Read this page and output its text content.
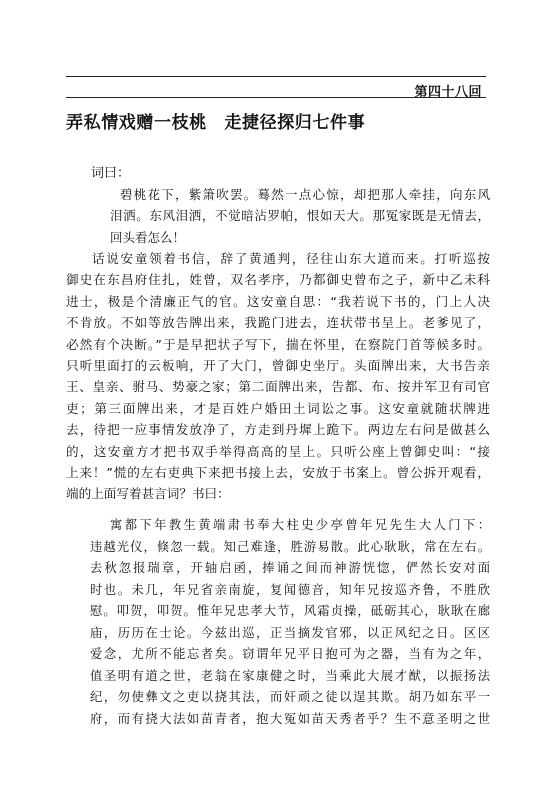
第四十八回
弄私情戏赠一枝桃　走捷径探归七件事
词曰：
碧桃花下，紫箫吹罢。蓦然一点心惊，却把那人牵挂，向东风
泪洒。东风泪洒，不觉暗沾罗帕，恨如天大。那冤家既是无情去，
回头看怎么！
话说安童领着书信，辞了黄通判，径往山东大道而来。打听巡按
御史在东昌府住扎，姓曾，双名孝序，乃都御史曾布之子，新中乙未科
进士，极是个清廉正气的官。这安童自思：“我若说下书的，门上人决
不肯放。不如等放告牌出来，我跪门进去，连状带书呈上。老爹见了，
必然有个决断。”于是早把状子写下，揣在怀里，在察院门首等候多时。
只听里面打的云板响，开了大门，曾御史坐厅。头面牌出来，大书告亲
王、皇亲、驸马、势豪之家；第二面牌出来，告都、布、按并军卫有司官
吏；第三面牌出来，才是百姓户婚田土词讼之事。这安童就随状牌进
去，待把一应事情发放净了，方走到丹墀上跪下。两边左右问是做甚么
的，这安童方才把书双手举得高高的呈上。只听公座上曾御史叫：“接
上来！”慌的左右吏典下来把书接上去，安放于书案上。曾公拆开观看，
端的上面写着甚言词？书曰：
寓都下年教生黄端肃书奉大柱史少亭曾年兄先生大人门下：
违越光仪，倏忽一载。知己难逢，胜游易散。此心耿耿，常在左右。
去秋忽报瑞章，开轴启函，捧诵之间而神游恍惚，俨然长安对面
时也。未几，年兄省亲南旋，复闻德音，知年兄按巡齐鲁，不胜欣
慰。叩贺，叩贺。惟年兄忠孝大节，风霜贞操，砥砺其心，耿耿在廊
庙，历历在士论。今兹出巡，正当摘发官邪，以正风纪之日。区区
爱念，尤所不能忘者矣。窃谓年兄平日抱可为之器，当有为之年，
值圣明有道之世，老翁在家康健之时，当乘此大展才猷，以振扬法
纪，勿使彝文之吏以挠其法，而奸顽之徒以逞其欺。胡乃如东平一
府，而有挠大法如苗青者，抱大冤如苗天秀者乎？生不意圣明之世
